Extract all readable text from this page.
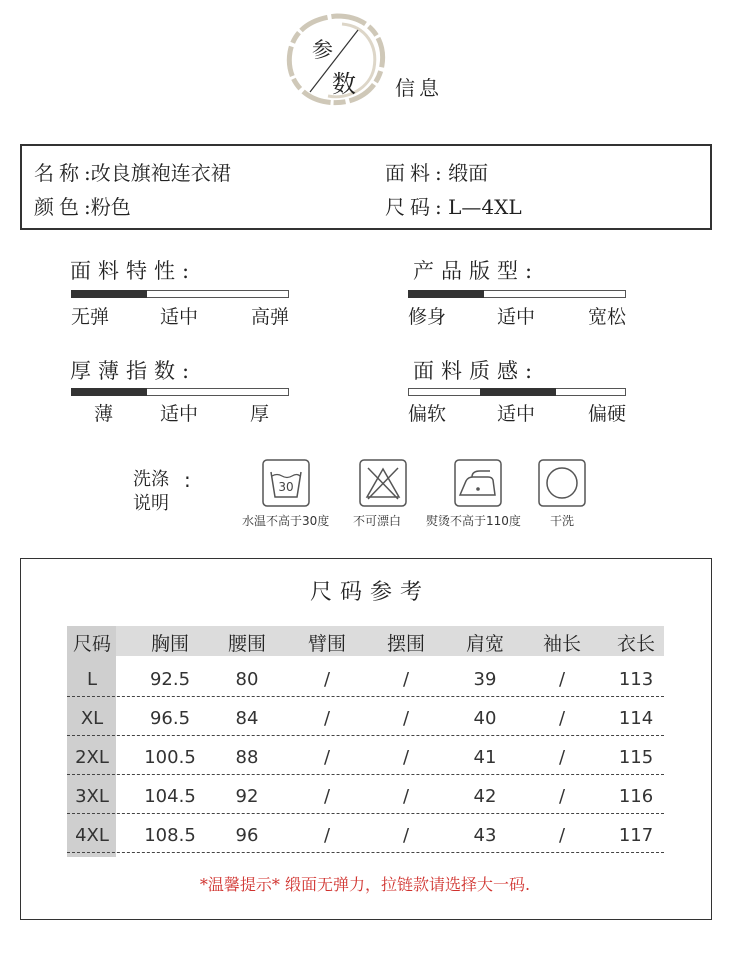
参
数 信息
名称:改良旗袍连衣裙	面料: 缎面
颜色:粉色	尺码: L—4XL
面料特性:
无弹	适中	高弹
产品版型:
修身	适中	宽松
厚薄指数:
薄 适中	厚
面料质感:
偏软	适中	偏硬
洗涤
说明
:	30
水温不高于30度 不可漂白 熨烫不高于110度 干洗
尺码参考
尺码	胸围	腰围	臂围	摆围	肩宽	袖长	衣长
L	92.5	80	/	/	39	/	113
XL	96.5	84	/	/	40	/	114
2XL	100.5	88	/	/	41	/	115
3XL	104.5	92	/	/	42	/	116
4XL	108.5	96	/	/	43	/	117
*温馨提示* 缎面无弹力，拉链款请选择大一码.
